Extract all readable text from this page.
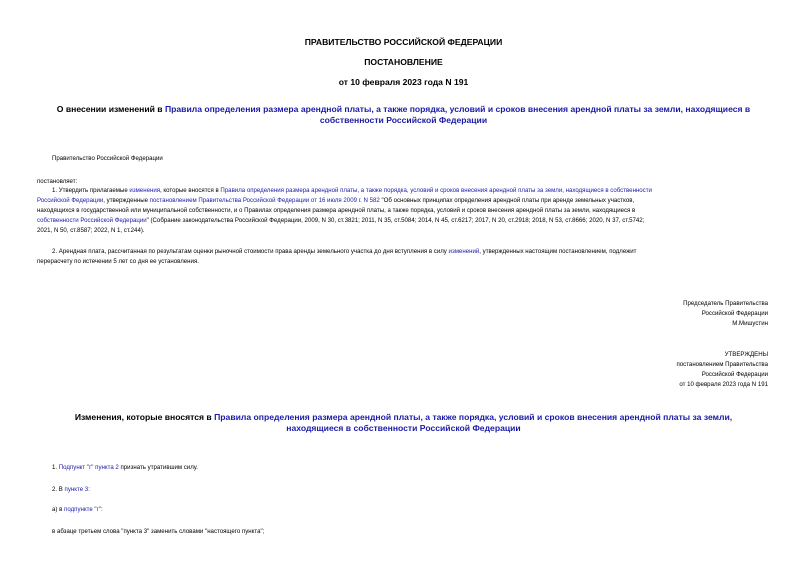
ПРАВИТЕЛЬСТВО РОССИЙСКОЙ ФЕДЕРАЦИИ
ПОСТАНОВЛЕНИЕ
от 10 февраля 2023 года N 191
О внесении изменений в Правила определения размера арендной платы, а также порядка, условий и сроков внесения арендной платы за земли, находящиеся в
собственности Российской Федерации
Правительство Российской Федерации
постановляет:
1. Утвердить прилагаемые изменения, которые вносятся в Правила определения размера арендной платы, а также порядка, условий и сроков внесения арендной платы за земли, находящиеся в собственности
Российской Федерации, утвержденные постановлением Правительства Российской Федерации от 16 июля 2009 г. N 582 "Об основных принципах определения арендной платы при аренде земельных участков,
находящихся в государственной или муниципальной собственности, и о Правилах определения размера арендной платы, а также порядка, условий и сроков внесения арендной платы за земли, находящиеся в
собственности Российской Федерации" (Собрание законодательства Российской Федерации, 2009, N 30, ст.3821; 2011, N 35, ст.5084; 2014, N 45, ст.6217; 2017, N 20, ст.2918; 2018, N 53, ст.8666; 2020, N 37, ст.5742;
2021, N 50, ст.8587; 2022, N 1, ст.244).
2. Арендная плата, рассчитанная по результатам оценки рыночной стоимости права аренды земельного участка до дня вступления в силу изменений, утвержденных настоящим постановлением, подлежит
перерасчету по истечении 5 лет со дня ее установления.
Председатель Правительства
Российской Федерации
М.Мишустин
УТВЕРЖДЕНЫ
постановлением Правительства
Российской Федерации
от 10 февраля 2023 года N 191
Изменения, которые вносятся в Правила определения размера арендной платы, а также порядка, условий и сроков внесения арендной платы за земли,
находящиеся в собственности Российской Федерации
1. Подпункт "г" пункта 2 признать утратившим силу.
2. В пункте 3:
а) в подпункте "г":
в абзаце третьем слова "пункта 3" заменить словами "настоящего пункта";
